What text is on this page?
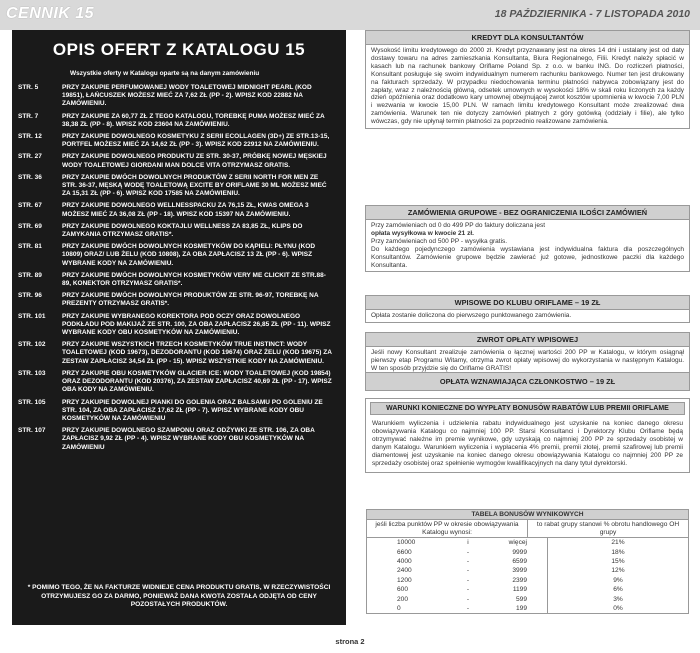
CENNIK 15	18 PAŹDZIERNIKA - 7 LISTOPADA 2010
OPIS OFERT Z KATALOGU 15
Wszystkie oferty w Katalogu oparte są na danym zamówieniu
STR. 5	PRZY ZAKUPIE PERFUMOWANEJ WODY TOALETOWEJ MIDNIGHT PEARL (KOD 19851), ŁAŃCUSZEK MOŻESZ MIEĆ ZA 7,62 ZŁ (PP - 2). WPISZ KOD 22882 NA ZAMÓWIENIU.
STR. 7	PRZY ZAKUPIE ZA 60,77 ZŁ Z TEGO KATALOGU, TOREBKĘ PUMA MOŻESZ MIEĆ ZA 38,38 ZŁ (PP - 8). WPISZ KOD 23604 NA ZAMÓWIENIU.
STR. 12	PRZY ZAKUPIE DOWOLNEGO KOSMETYKU Z SERII ECOLLAGEN (3D+) ZE STR.13-15, PORTFEL MOŻESZ MIEĆ ZA 14,62 ZŁ (PP - 3). WPISZ KOD 22912 NA ZAMÓWIENIU.
STR. 27	PRZY ZAKUPIE DOWOLNEGO PRODUKTU ZE STR. 30-37, PRÓBKĘ NOWEJ MĘSKIEJ WODY TOALETOWEJ GIORDANI MAN DOLCE VITA OTRZYMASZ GRATIS.
STR. 36	PRZY ZAKUPIE DWÓCH DOWOLNYCH PRODUKTÓW Z SERII NORTH FOR MEN ZE STR. 36-37, MĘSKĄ WODĘ TOALETOWĄ EXCITE BY ORIFLAME 30 ML MOŻESZ MIEĆ ZA 15,31 ZŁ (PP - 6). WPISZ KOD 17585 NA ZAMÓWIENIU.
STR. 67	PRZY ZAKUPIE DOWOLNEGO WELLNESSPACKU ZA 76,15 ZŁ, KWAS OMEGA 3 MOŻESZ MIEĆ ZA 36,08 ZŁ (PP - 18). WPISZ KOD 15397 NA ZAMÓWIENIU.
STR. 69	PRZY ZAKUPIE DOWOLNEGO KOKTAJLU WELLNESS ZA 83,85 ZŁ, KLIPS DO ZAMYKANIA OTRZYMASZ GRATIS*.
STR. 81	PRZY ZAKUPIE DWÓCH DOWOLNYCH KOSMETYKÓW DO KĄPIELI: PŁYNU (KOD 10809) ORAZ/ LUB ŻELU (KOD 10808), ZA OBA ZAPŁACISZ 13 ZŁ (PP - 6). WPISZ WYBRANE KODY NA ZAMÓWIENIU.
STR. 89	PRZY ZAKUPIE DWÓCH DOWOLNYCH KOSMETYKÓW VERY ME CLICKIT ZE STR.88-89, KONEKTOR OTRZYMASZ GRATIS*.
STR. 96	PRZY ZAKUPIE DWÓCH DOWOLNYCH PRODUKTÓW ZE STR. 96-97, TOREBKĘ NA PREZENTY OTRZYMASZ GRATIS*.
STR. 101	PRZY ZAKUPIE WYBRANEGO KOREKTORA POD OCZY ORAZ DOWOLNEGO PODKŁADU POD MAKIJAŻ ZE STR. 100, ZA OBA ZAPŁACISZ 26,85 ZŁ (PP - 11). WPISZ WYBRANE KODY OBU KOSMETYKÓW NA ZAMÓWIENIU.
STR. 102	PRZY ZAKUPIE WSZYSTKICH TRZECH KOSMETYKÓW TRUE INSTINCT: WODY TOALETOWEJ (KOD 19673), DEZODORANTU (KOD 19674) ORAZ ŻELU (KOD 19675) ZA ZESTAW ZAPŁACISZ 34,54 ZŁ (PP - 15). WPISZ WSZYSTKIE KODY NA ZAMÓWIENIU.
STR. 103	PRZY ZAKUPIE OBU KOSMETYKÓW GLACIER ICE: WODY TOALETOWEJ (KOD 19854) ORAZ DEZODORANTU (KOD 20376), ZA ZESTAW ZAPŁACISZ 40,69 ZŁ (PP - 17). WPISZ OBA KODY NA ZAMÓWIENIU.
STR. 105	PRZY ZAKUPIE DOWOLNEJ PIANKI DO GOLENIA ORAZ BALSAMU PO GOLENIU ZE STR. 104, ZA OBA ZAPŁACISZ 17,62 ZŁ (PP - 7). WPISZ WYBRANE KODY OBU KOSMETYKÓW NA ZAMÓWIENIU
STR. 107	PRZY ZAKUPIE DOWOLNEGO SZAMPONU ORAZ ODŻYWKI ZE STR. 106, ZA OBA ZAPŁACISZ 9,92 ZŁ (PP - 4). WPISZ WYBRANE KODY OBU KOSMETYKÓW NA ZAMÓWIENIU
* POMIMO TEGO, ŻE NA FAKTURZE WIDNIEJE CENA PRODUKTU GRATIS, W RZECZYWISTOŚCI OTRZYMUJESZ GO ZA DARMO, PONIEWAŻ DANA KWOTA ZOSTAŁA ODJĘTA OD CENY POZOSTAŁYCH PRODUKTÓW.
KREDYT DLA KONSULTANTÓW
Wysokość limitu kredytowego do 2000 zł. Kredyt przyznawany jest na okres 14 dni i ustalany jest od daty dostawy towaru na adres zamieszkania Konsultanta, Biura Regionalnego, Filii. Kredyt należy spłacić w kasach lub na rachunek bankowy Oriflame Poland Sp. z o.o. w banku ING. Do rozliczeń płatności, Konsultant posługuje się swoim indywidualnym numerem rachunku bankowego. Numer ten jest drukowany na fakturach sprzedaży. W przypadku niedochowania terminu płatności nabywca zobowiązany jest do zapłaty, wraz z należnością główną, odsetek umownych w wysokości 18% w skali roku liczonych za każdy dzień opóźnienia oraz dodatkowo kary umownej obejmującej zwrot kosztów upomnienia w kwocie 7,00 PLN i wezwania w kwocie 15,00 PLN. W ramach limitu kredytowego Konsultant może zrealizować dwa zamówienia. Warunek ten nie dotyczy zamówień płatnych z góry gotówką (oddziały i filie), ale tylko wówczas, gdy nie upłynął termin płatności za poprzednio realizowane zamówienia.
ZAMÓWIENIA GRUPOWE - BEZ OGRANICZENIA ILOŚCI ZAMÓWIEŃ
Przy zamówieniach od 0 do 499 PP do faktury doliczana jest
opłata wysyłkowa w kwocie 21 zł.
Przy zamówieniach od 500 PP - wysyłka gratis.
Do każdego pojedynczego zamówienia wystawiana jest indywidualna faktura dla poszczególnych Konsultantów. Zamówienie grupowe będzie zawierać już gotowe, jednostkowe paczki dla każdego Konsultanta.
WPISOWE DO KLUBU ORIFLAME – 19 ZŁ
Opłata zostanie doliczona do pierwszego punktowanego zamówienia.
ZWROT OPŁATY WPISOWEJ
Jeśli nowy Konsultant zrealizuje zamówienia o łącznej wartości 200 PP w Katalogu, w którym osiągnął pierwszy etap Programu Witamy, otrzyma zwrot opłaty wpisowej do wykorzystania w następnym Katalogu. W ten sposób przyjdzie się do Oriflame GRATIS!
OPŁATA WZNAWIAJĄCA CZŁONKOSTWO – 19 ZŁ
WARUNKI KONIECZNE DO WYPŁATY BONUSÓW RABATÓW LUB PREMII ORIFLAME
Warunkiem wyliczenia i udzielenia rabatu indywidualnego jest uzyskanie na koniec danego okresu obowiązywania Katalogu co najmniej 100 PP. Starsi Konsultanci i Dyrektorzy Klubu Oriflame będą otrzymywać należne im premie wynikowe, gdy uzyskają co najmniej 200 PP ze sprzedaży osobistej w danym Katalogu. Warunkiem wyliczenia i wypłacenia 4% premii, premii złotej, premii szafirowej lub premii diamentowej jest uzyskanie na koniec danego okresu obowiązywania Katalogu co najmniej 200 PP ze sprzedaży osobistej oraz spełnienie wymogów kwalifikacyjnych na dany tytuł dyrektorski.
TABELA BONUSÓW WYNIKOWYCH
jeśli liczba punktów PP w okresie obowiązywania Katalogu wynosi:
to rabat grupy stanowi % obrotu handlowego OH grupy
10000	i	więcej	21%
6600	-	9999	18%
4000	-	6599	15%
2400	-	3999	12%
1200	-	2399	9%
600	-	1199	6%
200	-	599	3%
0	-	199	0%
strona 2
